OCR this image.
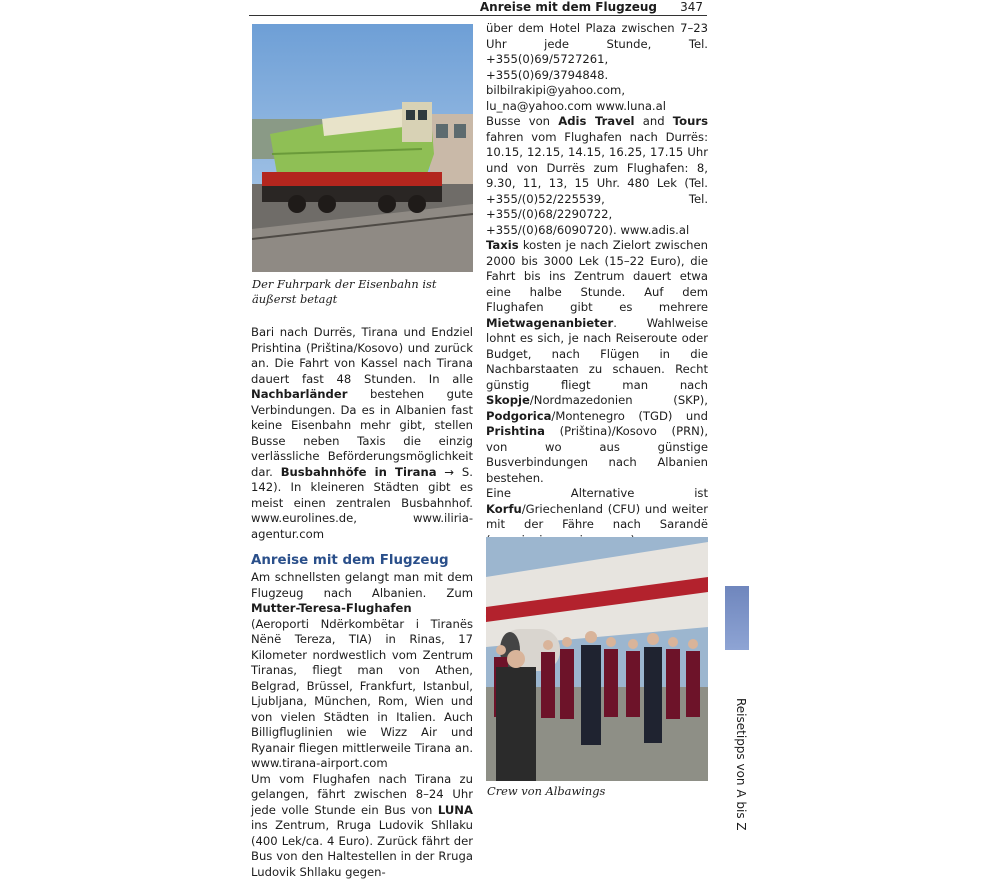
Anreise mit dem Flugzeug 347
Der Fuhrpark der Eisenbahn ist äußerst betagt

Bari nach Durrës, Tirana und Endziel Prishtina (Priština/Kosovo) und zurück an. Die Fahrt von Kassel nach Tirana dauert fast 48 Stunden. In alle Nachbarländer bestehen gute Verbindungen. Da es in Albanien fast keine Eisenbahn mehr gibt, stellen Busse neben Taxis die einzig verlässliche Beförderungsmöglichkeit dar. Busbahnhöfe in Tirana → S. 142). In kleineren Städten gibt es meist einen zentralen Busbahnhof. www.eurolines.de, www.iliria-agentur.com

Anreise mit dem Flugzeug

Am schnellsten gelangt man mit dem Flugzeug nach Albanien. Zum Mutter-Teresa-Flughafen (Aeroporti Ndërkombëtar i Tiranës Nënë Tereza, TIA) in Rinas, 17 Kilometer nordwestlich vom Zentrum Tiranas, fliegt man von Athen, Belgrad, Brüssel, Frankfurt, Istanbul, Ljubljana, München, Rom, Wien und von vielen Städten in Italien. Auch Billigfluglinien wie Wizz Air und Ryanair fliegen mittlerweile Tirana an. www.tirana-airport.com

Um vom Flughafen nach Tirana zu gelangen, fährt zwischen 8–24 Uhr jede volle Stunde ein Bus von LUNA ins Zentrum, Rruga Ludovik Shllaku (400 Lek/ca. 4 Euro). Zurück fährt der Bus von den Haltestellen in der Rruga Ludovik Shllaku gegen-

über dem Hotel Plaza zwischen 7–23 Uhr jede Stunde, Tel. +355(0)69/5727261, +355(0)69/3794848.

bilbilrakipi@yahoo.com, lu_na@yahoo.com www.luna.al

Busse von Adis Travel and Tours fahren vom Flughafen nach Durrës: 10.15, 12.15, 14.15, 16.25, 17.15 Uhr und von Durrës zum Flughafen: 8, 9.30, 11, 13, 15 Uhr. 480 Lek (Tel. +355/(0)52/225539, Tel. +355/(0)68/2290722, +355/(0)68/6090720). www.adis.al

Taxis kosten je nach Zielort zwischen 2000 bis 3000 Lek (15–22 Euro), die Fahrt bis ins Zentrum dauert etwa eine halbe Stunde. Auf dem Flughafen gibt es mehrere Mietwagenanbieter. Wahlweise lohnt es sich, je nach Reiseroute oder Budget, nach Flügen in die Nachbarstaaten zu schauen. Recht günstig fliegt man nach Skopje/Nordmazedonien (SKP), Podgorica/Montenegro (TGD) und Prishtina (Priština)/Kosovo (PRN), von wo aus günstige Busverbindungen nach Albanien bestehen.

Eine Alternative ist Korfu/Griechenland (CFU) und weiter mit der Fähre nach Sarandë

Crew von Albawings	Reisetipps von A bis Z
